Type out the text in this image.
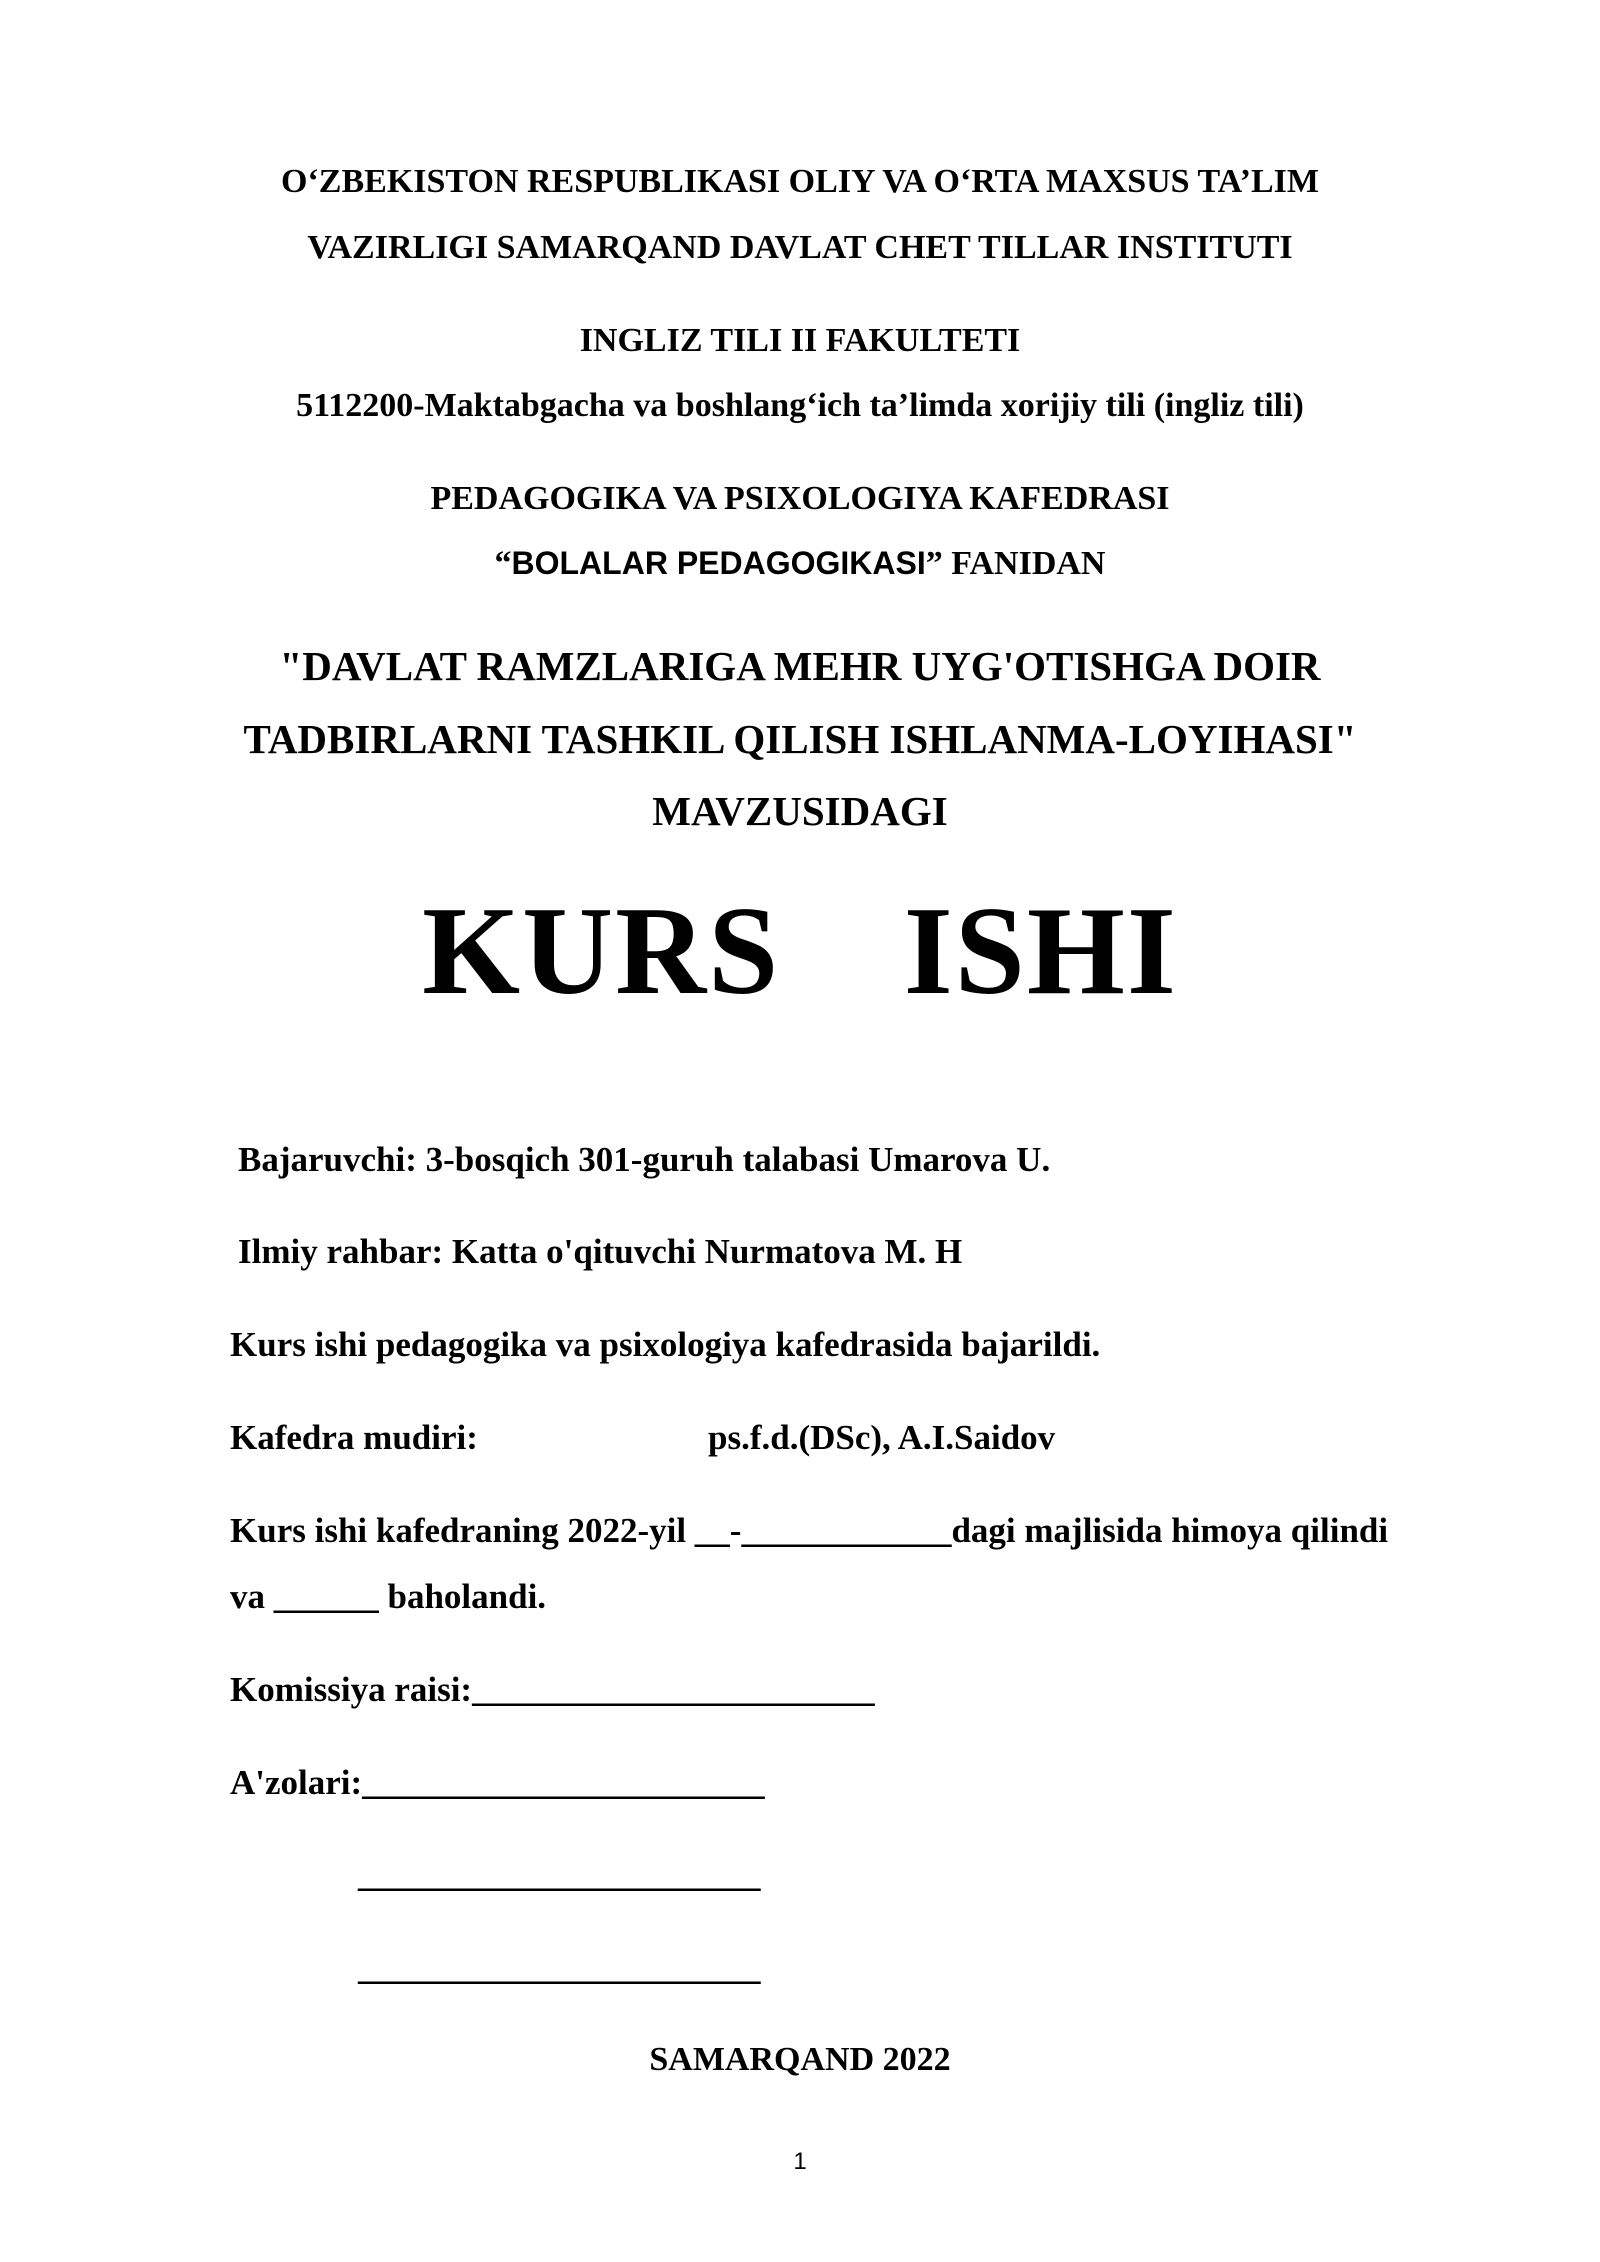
O‘ZBEKISTON RESPUBLIKASI OLIY VA O‘RTA MAXSUS TA’LIM
VAZIRLIGI SAMARQAND DAVLAT CHET TILLAR INSTITUTI
INGLIZ TILI II FAKULTETI
5112200-Maktabgacha va boshlang‘ich ta’limda xorijiy tili (ingliz tili)
PEDAGOGIKA VA PSIXOLOGIYA KAFEDRASI
“BOLALAR PEDAGOGIKASI” FANIDAN
"DAVLAT RAMZLARIGA MEHR UYG'OTISHGA DOIR
TADBIRLARNI TASHKIL QILISH ISHLANMA-LOYIHASI"
MAVZUSIDAGI
KURS ISHI
Bajaruvchi: 3-bosqich 301-guruh talabasi Umarova U.
Ilmiy rahbar: Katta o'qituvchi Nurmatova M. H
Kurs ishi pedagogika va psixologiya kafedrasida bajarildi.
Kafedra mudiri:	ps.f.d.(DSc), A.I.Saidov
Kurs ishi kafedraning 2022-yil __-____________dagi majlisida himoya qilindi
va ______ baholandi.
Komissiya raisi:_______________________
A'zolari:_______________________
_______________________
_______________________
SAMARQAND 2022
1
